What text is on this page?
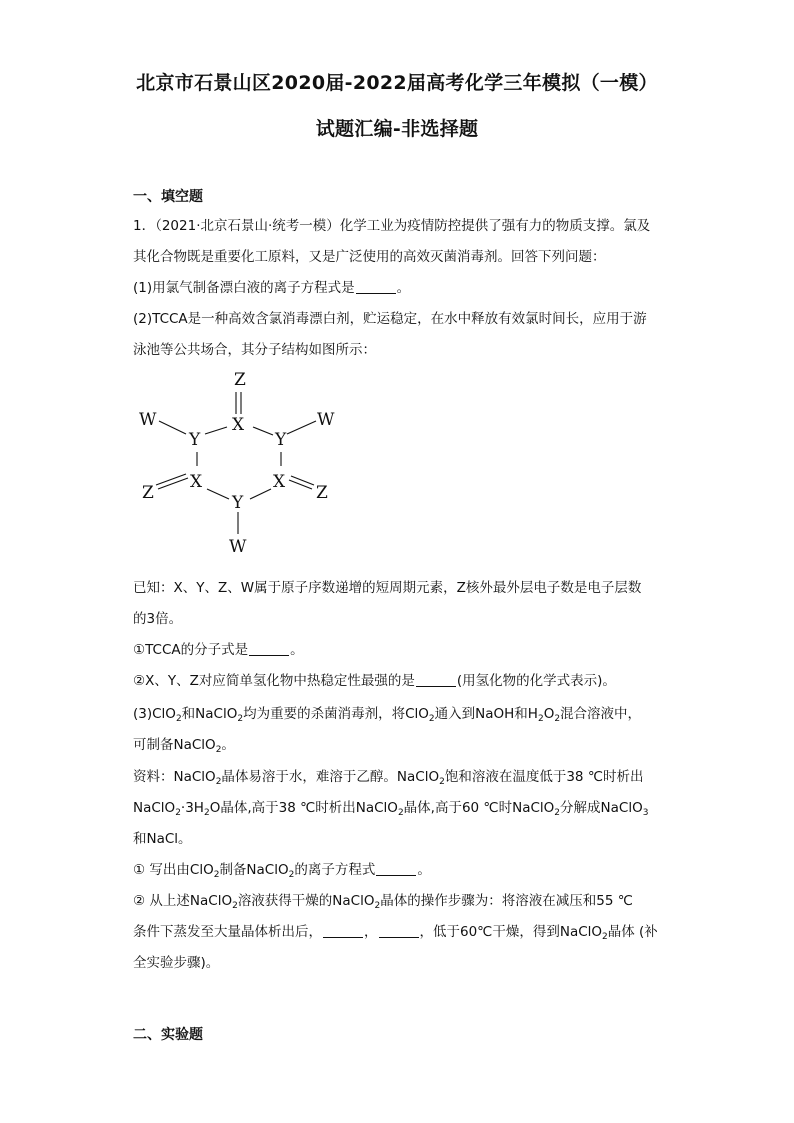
北京市石景山区2020届-2022届高考化学三年模拟（一模）
试题汇编-非选择题
一、填空题
1．（2021·北京石景山·统考一模）化学工业为疫情防控提供了强有力的物质支撑。氯及
其化合物既是重要化工原料，又是广泛使用的高效灭菌消毒剂。回答下列问题：
(1)用氯气制备漂白液的离子方程式是	。
(2)TCCA是一种高效含氯消毒漂白剂，贮运稳定，在水中释放有效氯时间长，应用于游
泳池等公共场合，其分子结构如图所示：
Z
X
Y	Y
W	W
X	X
Z	Z
Y
W
已知：X、Y、Z、W属于原子序数递增的短周期元素，Z核外最外层电子数是电子层数
的3倍。
①TCCA的分子式是	。
②X、Y、Z对应简单氢化物中热稳定性最强的是	(用氢化物的化学式表示)。
(3)ClO$_2$和NaClO$_2$均为重要的杀菌消毒剂，将ClO$_2$通入到NaOH和$H_2O_2$混合溶液中，
可制备NaClO$_2$。
资料：NaClO$_2$晶体易溶于水，难溶于乙醇。NaClO$_2$饱和溶液在温度低于38 ℃时析出
$NaClO_2\cdot 3H_2O$晶体,高于38 ℃时析出NaClO$_2$晶体,高于60 ℃时NaClO$_2$分解成NaClO$_3$
和NaCl。
① 写出由ClO$_2$制备NaClO$_2$的离子方程式	。
② 从上述NaClO$_2$溶液获得干燥的NaClO$_2$晶体的操作步骤为：将溶液在减压和55 ℃
条件下蒸发至大量晶体析出后，	，	，低于60℃干燥，得到NaClO$_2$晶体 (补
全实验步骤)。
二、实验题
